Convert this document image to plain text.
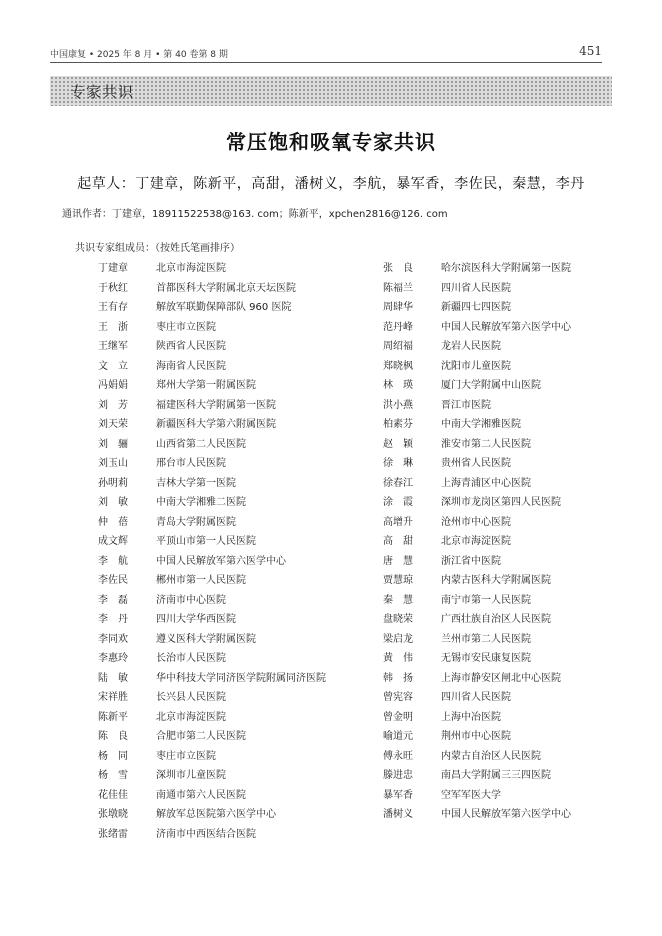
中国康复 • 2025 年 8 月 • 第 40 卷第 8 期	451
专家共识
常压饱和吸氧专家共识
起草人：丁建章，陈新平，高甜，潘树义，李航，暴军香，李佐民，秦慧，李丹
通讯作者：丁建章，18911522538@163. com；陈新平，xpchen2816@126. com
共识专家组成员：（按姓氏笔画排序）
丁建章	北京市海淀医院
于秋红	首都医科大学附属北京天坛医院
王有存	解放军联勤保障部队 960 医院
王　浙	枣庄市立医院
王继军	陕西省人民医院
文　立	海南省人民医院
冯娟娟	郑州大学第一附属医院
刘　芳	福建医科大学附属第一医院
刘天荣	新疆医科大学第六附属医院
刘　骊	山西省第二人民医院
刘玉山	邢台市人民医院
孙明莉	吉林大学第一医院
刘　敏	中南大学湘雅二医院
仲　蓓	青岛大学附属医院
成文辉	平顶山市第一人民医院
李　航	中国人民解放军第六医学中心
李佐民	郴州市第一人民医院
李　磊	济南市中心医院
李　丹	四川大学华西医院
李同欢	遵义医科大学附属医院
李惠玲	长治市人民医院
陆　敏	华中科技大学同济医学院附属同济医院
宋祥胜	长兴县人民医院
陈新平	北京市海淀医院
陈　良	合肥市第二人民医院
杨　同	枣庄市立医院
杨　雪	深圳市儿童医院
花佳佳	南通市第六人民医院
张墩晓	解放军总医院第六医学中心
张绪雷	济南市中西医结合医院
张　良	哈尔滨医科大学附属第一医院
陈福兰	四川省人民医院
周肆华	新疆四七四医院
范丹峰	中国人民解放军第六医学中心
周绍福	龙岩人民医院
郑晓枫	沈阳市儿童医院
林　瑛	厦门大学附属中山医院
洪小燕	晋江市医院
柏素芬	中南大学湘雅医院
赵　颖	淮安市第二人民医院
徐　琳	贵州省人民医院
徐春江	上海青浦区中心医院
涂　霞	深圳市龙岗区第四人民医院
高增升	沧州市中心医院
高　甜	北京市海淀医院
唐　慧	浙江省中医院
贾慧琼	内蒙古医科大学附属医院
秦　慧	南宁市第一人民医院
盘晓荣	广西壮族自治区人民医院
梁启龙	兰州市第二人民医院
黄　伟	无锡市安民康复医院
韩　扬	上海市静安区闸北中心医院
曾宪容	四川省人民医院
曾金明	上海中冶医院
喻道元	荆州市中心医院
傅永旺	内蒙古自治区人民医院
滕进忠	南昌大学附属三三四医院
暴军香	空军军医大学
潘树义	中国人民解放军第六医学中心
